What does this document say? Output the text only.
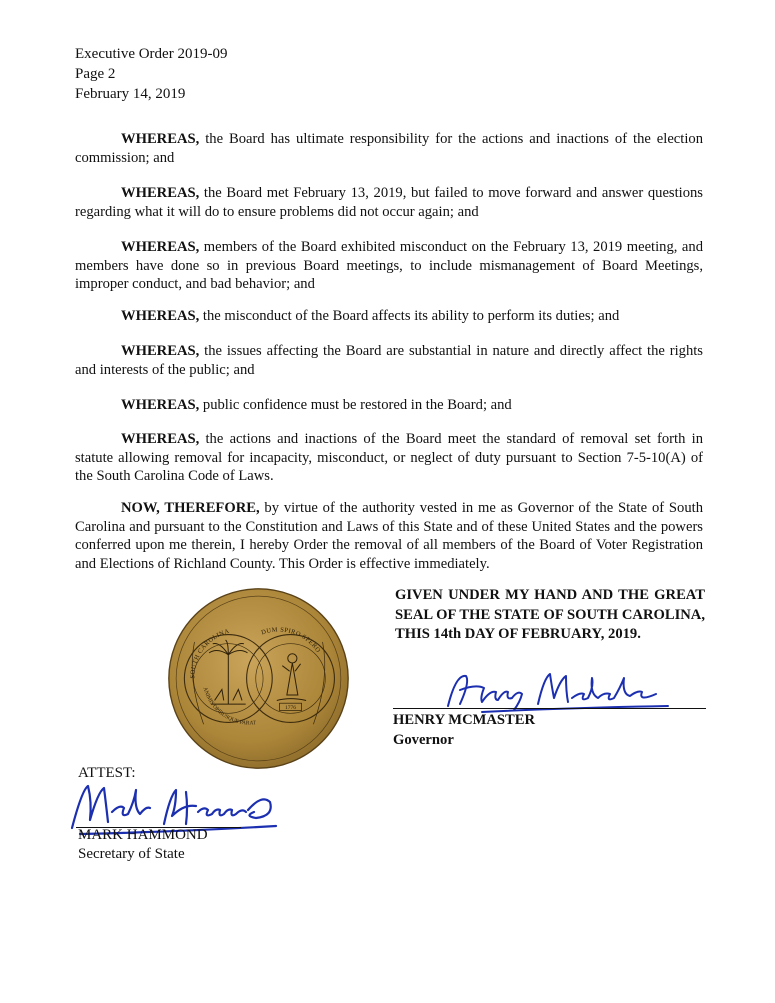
Executive Order 2019-09
Page 2
February 14, 2019
WHEREAS, the Board has ultimate responsibility for the actions and inactions of the election commission; and
WHEREAS, the Board met February 13, 2019, but failed to move forward and answer questions regarding what it will do to ensure problems did not occur again; and
WHEREAS, members of the Board exhibited misconduct on the February 13, 2019 meeting, and members have done so in previous Board meetings, to include mismanagement of Board Meetings, improper conduct, and bad behavior; and
WHEREAS, the misconduct of the Board affects its ability to perform its duties; and
WHEREAS, the issues affecting the Board are substantial in nature and directly affect the rights and interests of the public; and
WHEREAS, public confidence must be restored in the Board; and
WHEREAS, the actions and inactions of the Board meet the standard of removal set forth in statute allowing removal for incapacity, misconduct, or neglect of duty pursuant to Section 7-5-10(A) of the South Carolina Code of Laws.
NOW, THEREFORE, by virtue of the authority vested in me as Governor of the State of South Carolina and pursuant to the Constitution and Laws of this State and of these United States and the powers conferred upon me therein, I hereby Order the removal of all members of the Board of Voter Registration and Elections of Richland County. This Order is effective immediately.
1776
SOUTH CAROLINA	DUM SPIRO SPERO
ANIMIS OPIBUSQUE PARAT
GIVEN UNDER MY HAND AND THE GREAT SEAL OF THE STATE OF SOUTH CAROLINA, THIS 14th DAY OF FEBRUARY, 2019.
HENRY MCMASTER
Governor
ATTEST:
MARK HAMMOND
Secretary of State
